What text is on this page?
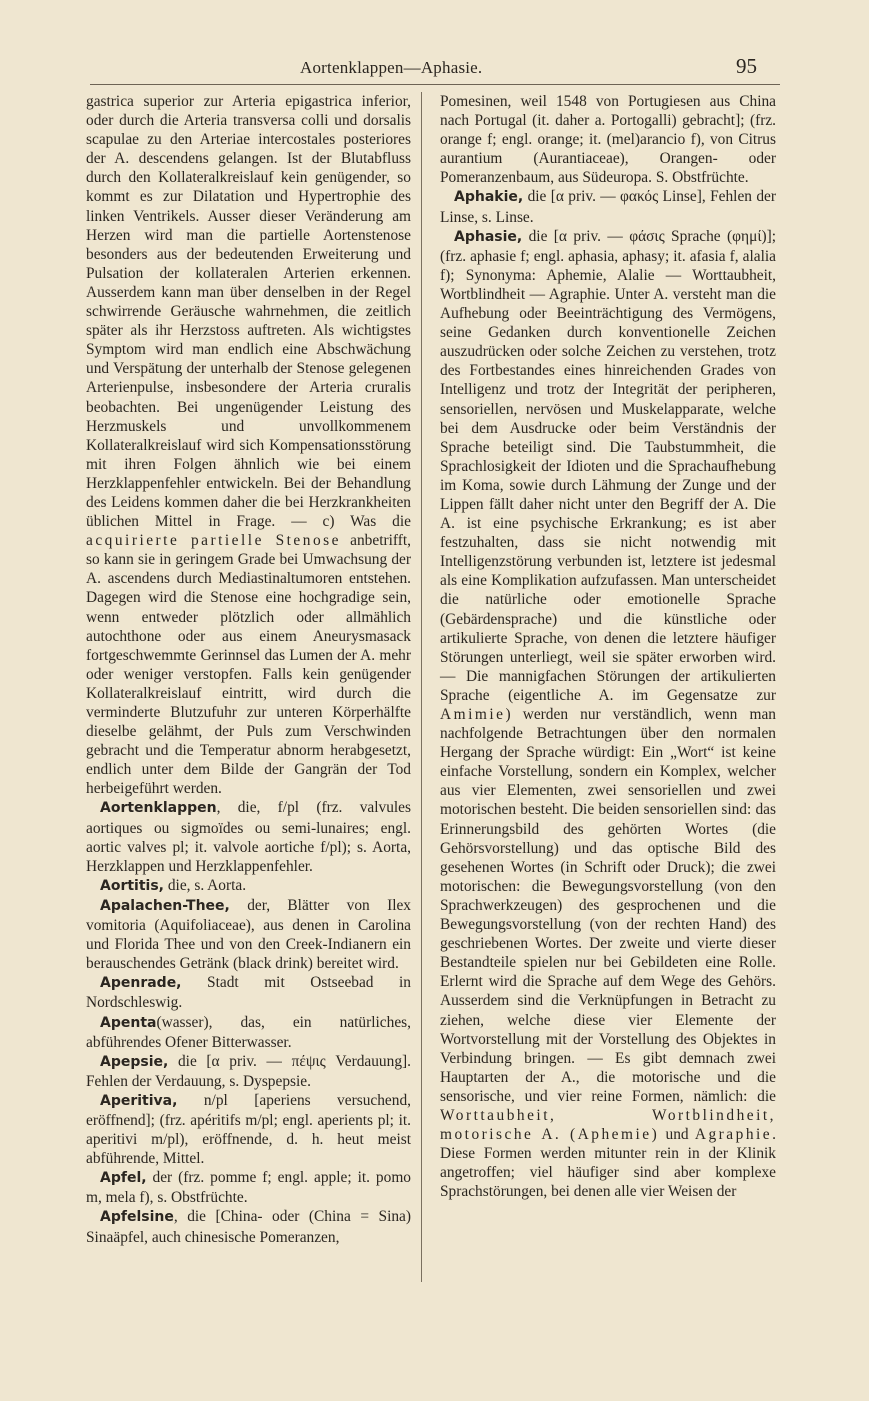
Aortenklappen—Aphasie.	95

gastrica superior zur Arteria epigastrica inferior, oder durch die Arteria transversa colli und dorsalis scapulae zu den Arteriae intercostales posteriores der A. descendens gelangen. Ist der Blutabfluss durch den Kollateralkreislauf kein genügender, so kommt es zur Dilatation und Hypertrophie des linken Ventrikels. Ausser dieser Veränderung am Herzen wird man die partielle Aortenstenose besonders aus der bedeutenden Erweiterung und Pulsation der kollateralen Arterien erkennen. Ausserdem kann man über denselben in der Regel schwirrende Geräusche wahrnehmen, die zeitlich später als ihr Herzstoss auftreten. Als wichtigstes Symptom wird man endlich eine Abschwächung und Verspätung der unterhalb der Stenose gelegenen Arterienpulse, insbesondere der Arteria cruralis beobachten. Bei ungenügender Leistung des Herzmuskels und unvollkommenem Kollateralkreislauf wird sich Kompensationsstörung mit ihren Folgen ähnlich wie bei einem Herzklappenfehler entwickeln. Bei der Behandlung des Leidens kommen daher die bei Herzkrankheiten üblichen Mittel in Frage. — c) Was die acquirierte partielle Stenose anbetrifft, so kann sie in geringem Grade bei Umwachsung der A. ascendens durch Mediastinaltumoren entstehen. Dagegen wird die Stenose eine hochgradige sein, wenn entweder plötzlich oder allmählich autochthone oder aus einem Aneurysmasack fortgeschwemmte Gerinnsel das Lumen der A. mehr oder weniger verstopfen. Falls kein genügender Kollateralkreislauf eintritt, wird durch die verminderte Blutzufuhr zur unteren Körperhälfte dieselbe gelähmt, der Puls zum Verschwinden gebracht und die Temperatur abnorm herabgesetzt, endlich unter dem Bilde der Gangrän der Tod herbeigeführt werden.

Aortenklappen, die, f/pl (frz. valvules aortiques ou sigmoïdes ou semi-lunaires; engl. aortic valves pl; it. valvole aortiche f/pl); s. Aorta, Herzklappen und Herzklappenfehler.

Aortitis, die, s. Aorta.

Apalachen-Thee, der, Blätter von Ilex vomitoria (Aquifoliaceae), aus denen in Carolina und Florida Thee und von den Creek-Indianern ein berauschendes Getränk (black drink) bereitet wird.

Apenrade, Stadt mit Ostseebad in Nordschleswig.

Apenta(wasser), das, ein natürliches, abführendes Ofener Bitterwasser.

Apepsie, die [α priv. — πέψις Verdauung]. Fehlen der Verdauung, s. Dyspepsie.

Aperitiva, n/pl [aperiens versuchend, eröffnend]; (frz. apéritifs m/pl; engl. aperients pl; it. aperitivi m/pl), eröffnende, d. h. heut meist abführende, Mittel.

Apfel, der (frz. pomme f; engl. apple; it. pomo m, mela f), s. Obstfrüchte.

Apfelsine, die [China- oder (China = Sina) Sinaäpfel, auch chinesische Pomeranzen,

Pomesinen, weil 1548 von Portugiesen aus China nach Portugal (it. daher a. Portogalli) gebracht]; (frz. orange f; engl. orange; it. (mel)arancio f), von Citrus aurantium (Aurantiaceae), Orangen- oder Pomeranzenbaum, aus Südeuropa. S. Obstfrüchte.

Aphakie, die [α priv. — φακός Linse], Fehlen der Linse, s. Linse.

Aphasie, die [α priv. — φάσις Sprache (φημί)]; (frz. aphasie f; engl. aphasia, aphasy; it. afasia f, alalia f); Synonyma: Aphemie, Alalie — Worttaubheit, Wortblindheit — Agraphie. Unter A. versteht man die Aufhebung oder Beeinträchtigung des Vermögens, seine Gedanken durch konventionelle Zeichen auszudrücken oder solche Zeichen zu verstehen, trotz des Fortbestandes eines hinreichenden Grades von Intelligenz und trotz der Integrität der peripheren, sensoriellen, nervösen und Muskelapparate, welche bei dem Ausdrucke oder beim Verständnis der Sprache beteiligt sind. Die Taubstummheit, die Sprachlosigkeit der Idioten und die Sprachaufhebung im Koma, sowie durch Lähmung der Zunge und der Lippen fällt daher nicht unter den Begriff der A. Die A. ist eine psychische Erkrankung; es ist aber festzuhalten, dass sie nicht notwendig mit Intelligenzstörung verbunden ist, letztere ist jedesmal als eine Komplikation aufzufassen. Man unterscheidet die natürliche oder emotionelle Sprache (Gebärdensprache) und die künstliche oder artikulierte Sprache, von denen die letztere häufiger Störungen unterliegt, weil sie später erworben wird. — Die mannigfachen Störungen der artikulierten Sprache (eigentliche A. im Gegensatze zur Amimie) werden nur verständlich, wenn man nachfolgende Betrachtungen über den normalen Hergang der Sprache würdigt: Ein „Wort“ ist keine einfache Vorstellung, sondern ein Komplex, welcher aus vier Elementen, zwei sensoriellen und zwei motorischen besteht. Die beiden sensoriellen sind: das Erinnerungsbild des gehörten Wortes (die Gehörsvorstellung) und das optische Bild des gesehenen Wortes (in Schrift oder Druck); die zwei motorischen: die Bewegungsvorstellung (von den Sprachwerkzeugen) des gesprochenen und die Bewegungsvorstellung (von der rechten Hand) des geschriebenen Wortes. Der zweite und vierte dieser Bestandteile spielen nur bei Gebildeten eine Rolle. Erlernt wird die Sprache auf dem Wege des Gehörs. Ausserdem sind die Verknüpfungen in Betracht zu ziehen, welche diese vier Elemente der Wortvorstellung mit der Vorstellung des Objektes in Verbindung bringen. — Es gibt demnach zwei Hauptarten der A., die motorische und die sensorische, und vier reine Formen, nämlich: die Worttaubheit, Wortblindheit, motorische A. (Aphemie) und Agraphie. Diese Formen werden mitunter rein in der Klinik angetroffen; viel häufiger sind aber komplexe Sprachstörungen, bei denen alle vier Weisen der
